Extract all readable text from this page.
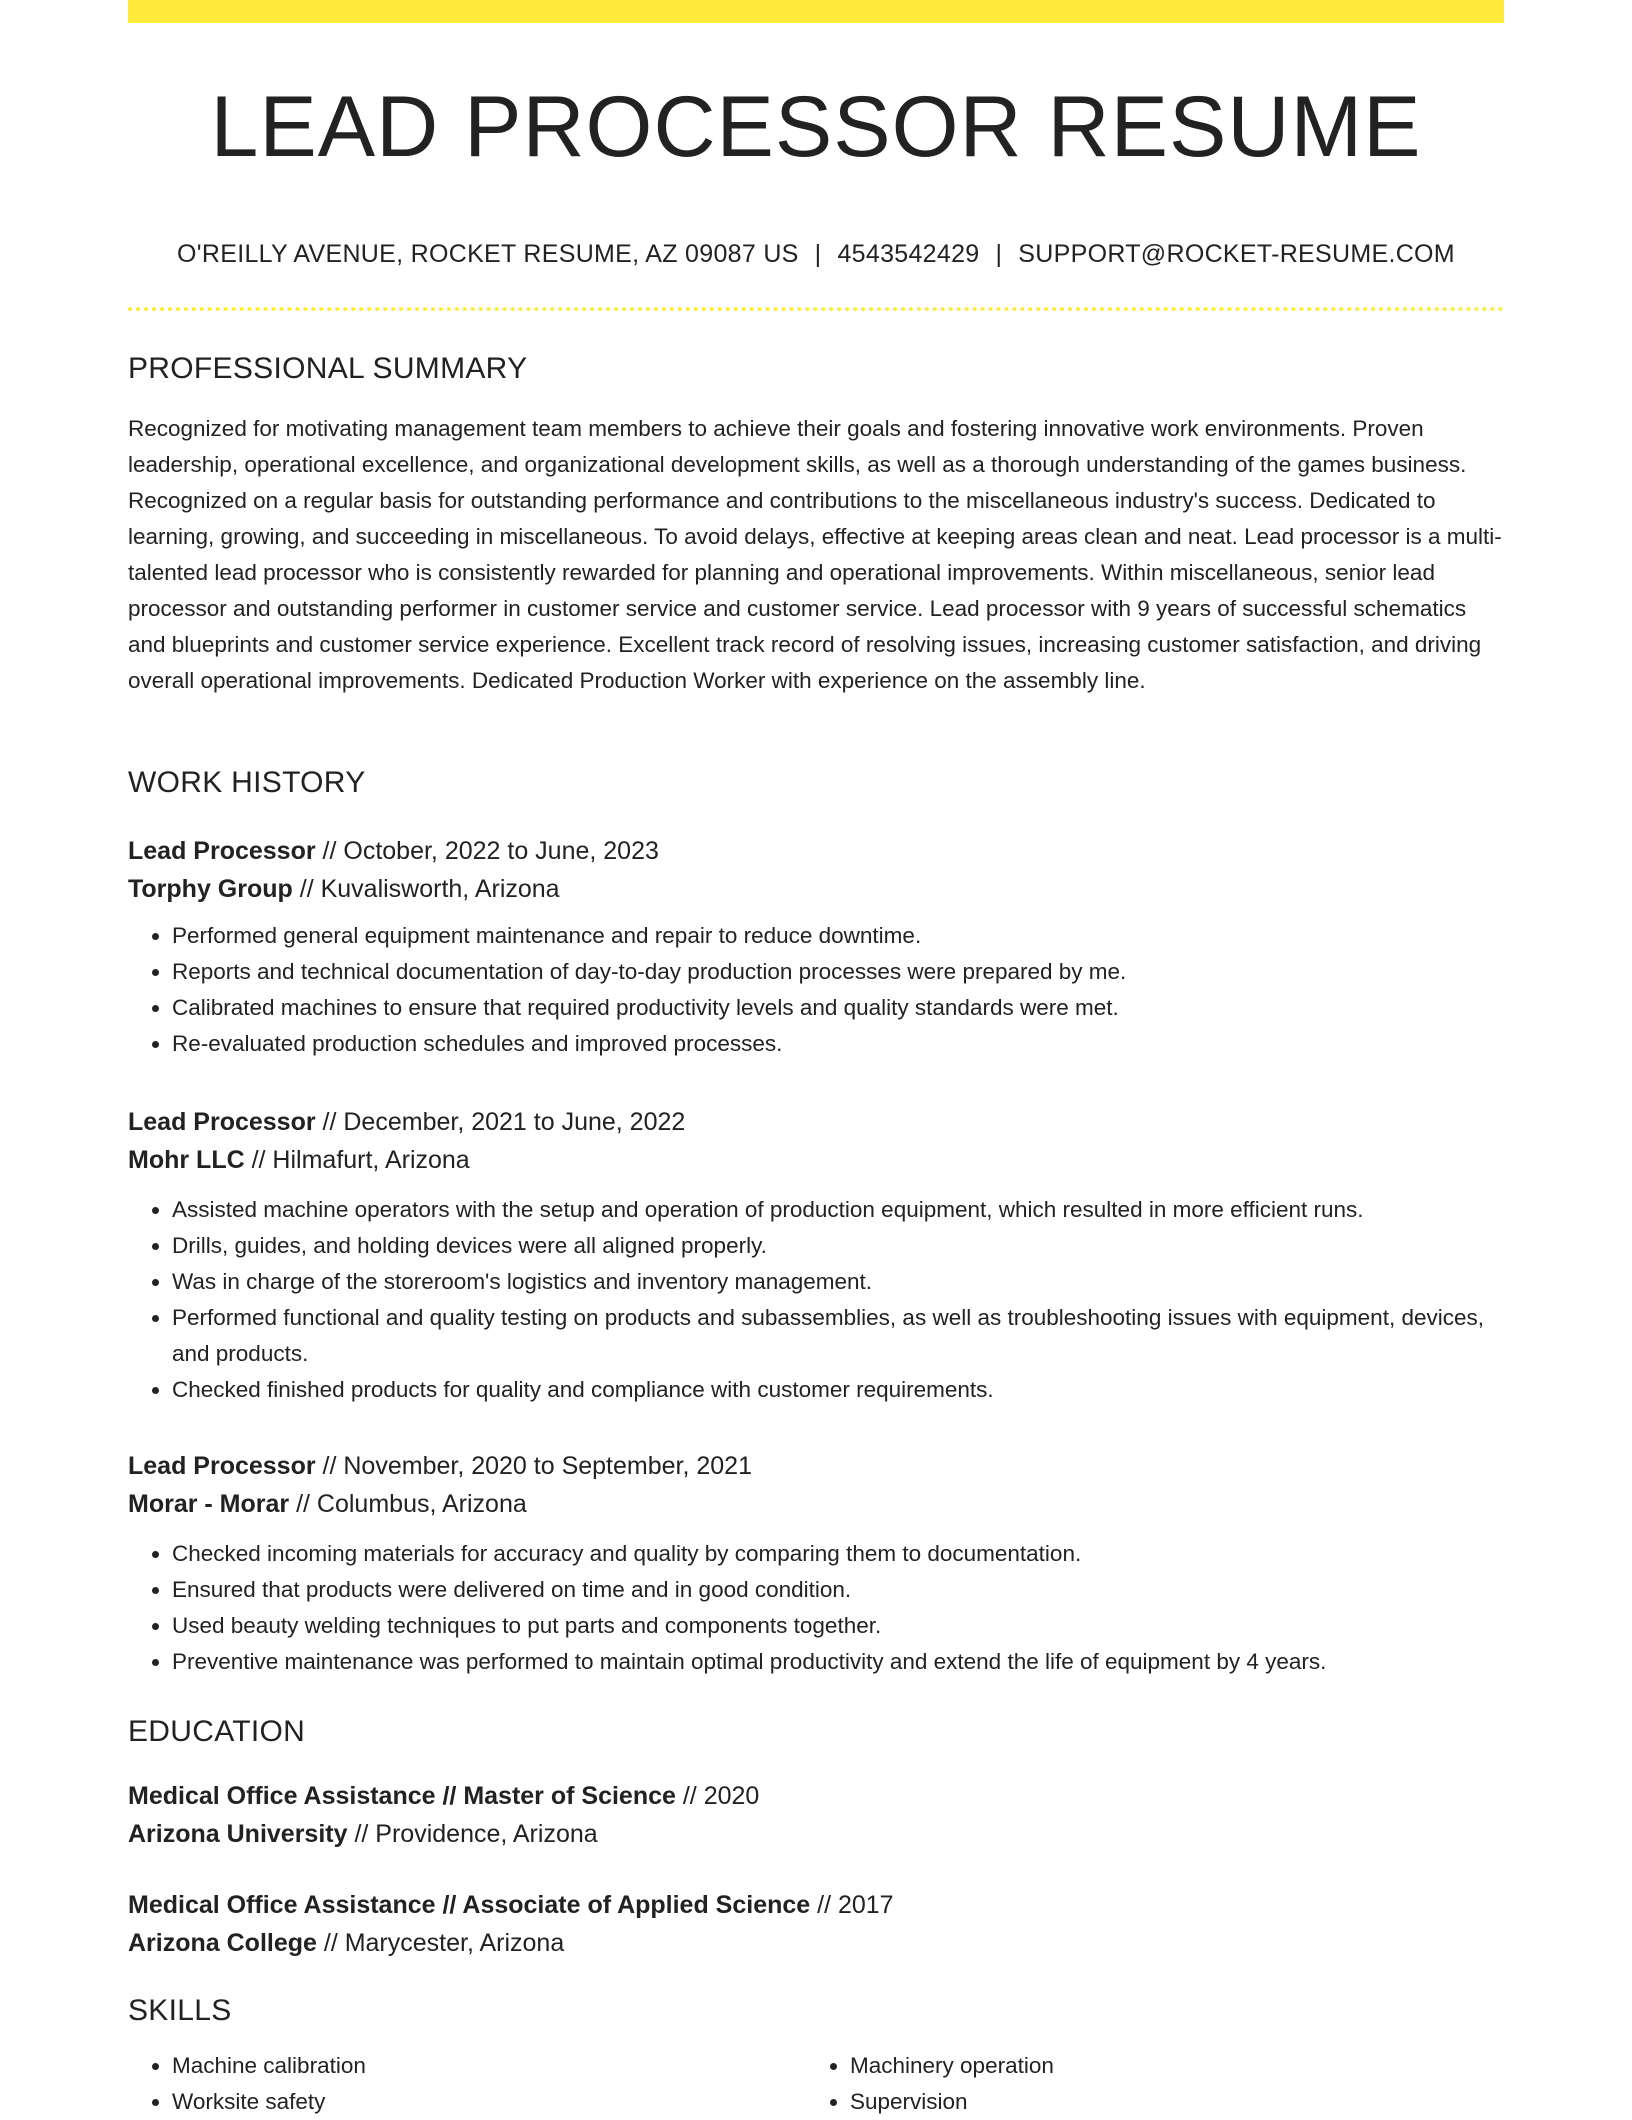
LEAD PROCESSOR RESUME
O'REILLY AVENUE, ROCKET RESUME, AZ 09087 US | 4543542429 | SUPPORT@ROCKET-RESUME.COM
PROFESSIONAL SUMMARY

Recognized for motivating management team members to achieve their goals and fostering innovative work environments. Proven leadership, operational excellence, and organizational development skills, as well as a thorough understanding of the games business. Recognized on a regular basis for outstanding performance and contributions to the miscellaneous industry's success. Dedicated to learning, growing, and succeeding in miscellaneous. To avoid delays, effective at keeping areas clean and neat. Lead processor is a multi-talented lead processor who is consistently rewarded for planning and operational improvements. Within miscellaneous, senior lead processor and outstanding performer in customer service and customer service. Lead processor with 9 years of successful schematics and blueprints and customer service experience. Excellent track record of resolving issues, increasing customer satisfaction, and driving overall operational improvements. Dedicated Production Worker with experience on the assembly line.

WORK HISTORY

Lead Processor // October, 2022 to June, 2023

Torphy Group // Kuvalisworth, Arizona

• Performed general equipment maintenance and repair to reduce downtime.
• Reports and technical documentation of day-to-day production processes were prepared by me.
• Calibrated machines to ensure that required productivity levels and quality standards were met.
• Re-evaluated production schedules and improved processes.

Lead Processor // December, 2021 to June, 2022

Mohr LLC // Hilmafurt, Arizona

• Assisted machine operators with the setup and operation of production equipment, which resulted in more efficient runs.
• Drills, guides, and holding devices were all aligned properly.
• Was in charge of the storeroom's logistics and inventory management.
• Performed functional and quality testing on products and subassemblies, as well as troubleshooting issues with equipment, devices, and products.
• Checked finished products for quality and compliance with customer requirements.

Lead Processor // November, 2020 to September, 2021

Morar - Morar // Columbus, Arizona

• Checked incoming materials for accuracy and quality by comparing them to documentation.
• Ensured that products were delivered on time and in good condition.
• Used beauty welding techniques to put parts and components together.
• Preventive maintenance was performed to maintain optimal productivity and extend the life of equipment by 4 years.
EDUCATION

Medical Office Assistance // Master of Science // 2020

Arizona University // Providence, Arizona

Medical Office Assistance // Associate of Applied Science // 2017

Arizona College // Marycester, Arizona

SKILLS
• Machine calibration
• Worksite safety
• Machinery operation
• Supervision
